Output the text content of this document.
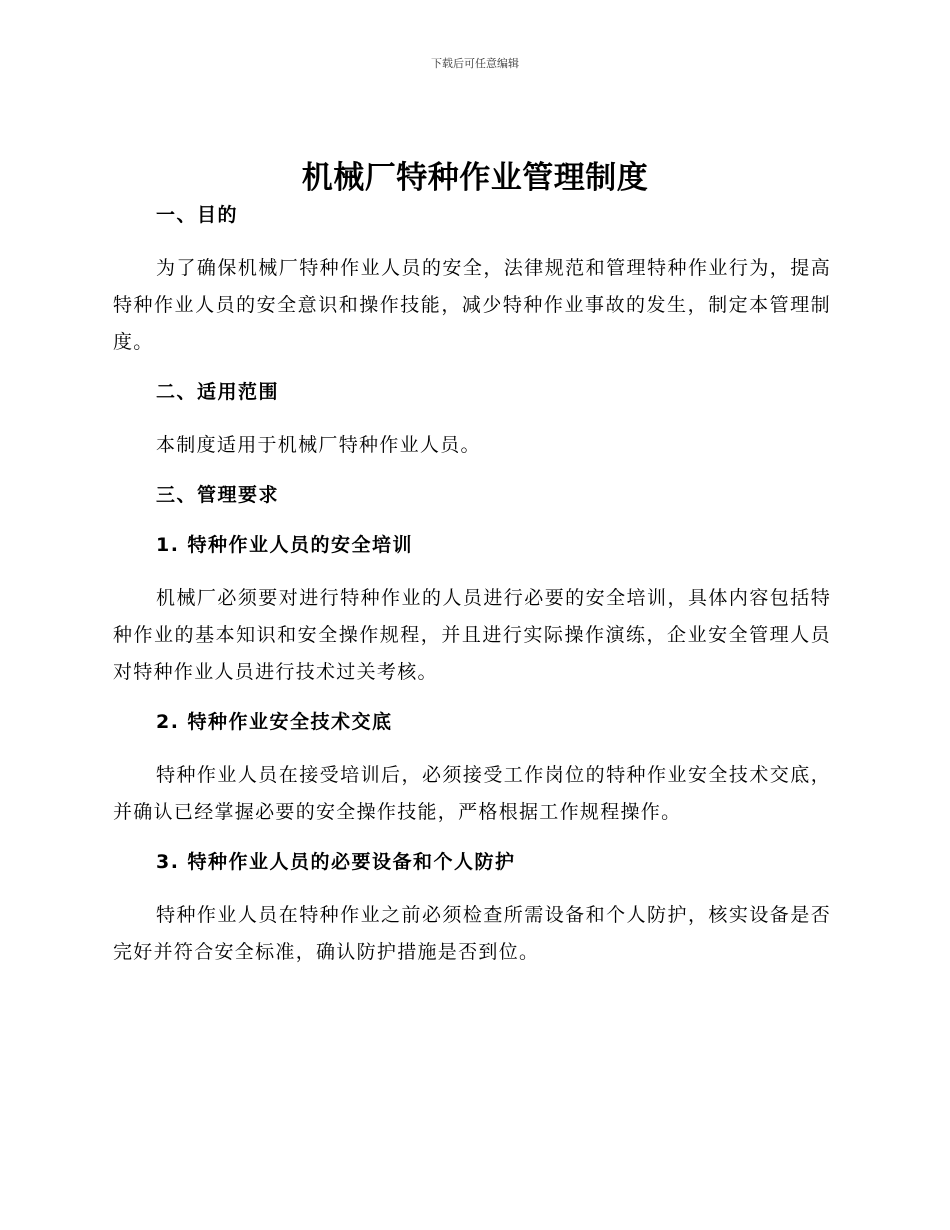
下载后可任意编辑
机械厂特种作业管理制度
一、目的

为了确保机械厂特种作业人员的安全，法律规范和管理特种作业行为，提高特种作业人员的安全意识和操作技能，减少特种作业事故的发生，制定本管理制度。

二、适用范围

本制度适用于机械厂特种作业人员。

三、管理要求
1. 特种作业人员的安全培训

机械厂必须要对进行特种作业的人员进行必要的安全培训，具体内容包括特种作业的基本知识和安全操作规程，并且进行实际操作演练，企业安全管理人员对特种作业人员进行技术过关考核。

2. 特种作业安全技术交底

特种作业人员在接受培训后，必须接受工作岗位的特种作业安全技术交底，并确认已经掌握必要的安全操作技能，严格根据工作规程操作。

3. 特种作业人员的必要设备和个人防护

特种作业人员在特种作业之前必须检查所需设备和个人防护，核实设备是否完好并符合安全标准，确认防护措施是否到位。
